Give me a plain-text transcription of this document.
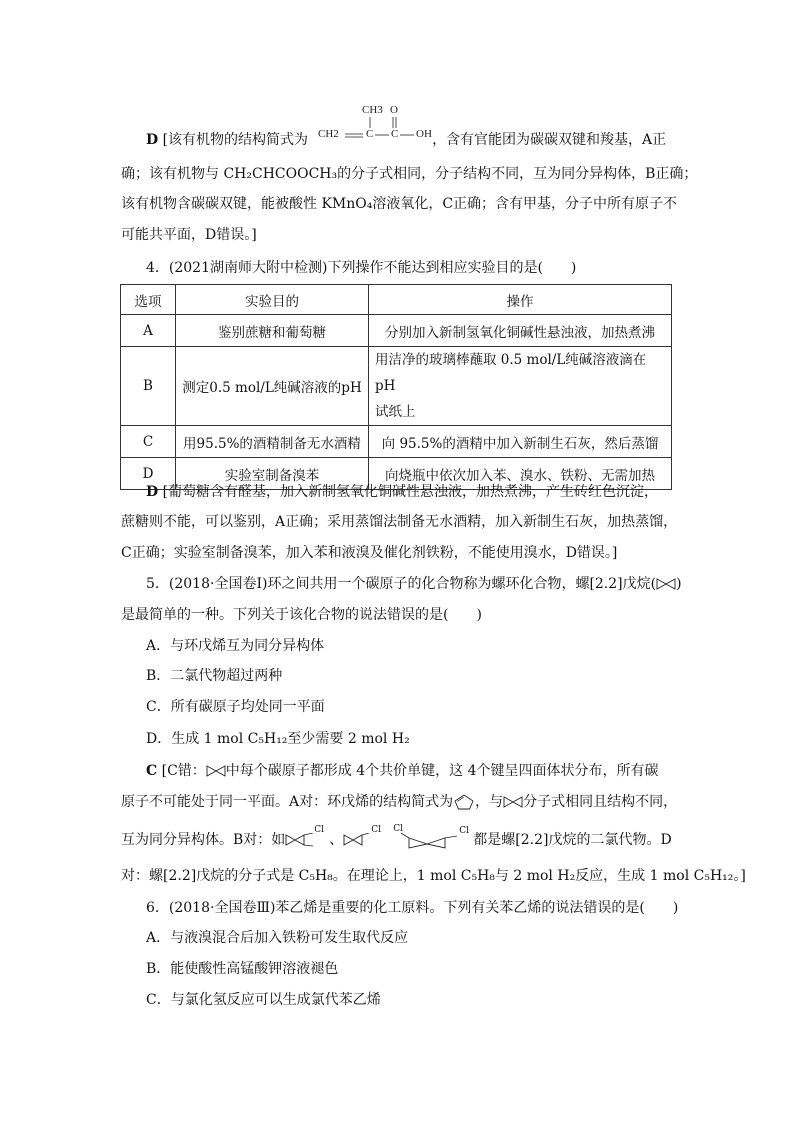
CH3 O
CH2 C C OH
D [该有机物的结构简式为	，含有官能团为碳碳双键和羧基，A正
确；该有机物与 CH₂CHCOOCH₃的分子式相同，分子结构不同，互为同分异构体，B正确；
该有机物含碳碳双键，能被酸性 KMnO₄溶液氧化，C正确；含有甲基，分子中所有原子不
可能共平面，D错误。]
4．(2021湖南师大附中检测)下列操作不能达到相应实验目的是(　　)
选项	实验目的	操作
A	鉴别蔗糖和葡萄糖	分别加入新制氢氧化铜碱性悬浊液，加热煮沸
B	测定0.5 mol/L纯碱溶液的pH	用洁净的玻璃棒蘸取 0.5 mol/L纯碱溶液滴在 pH
试纸上

C	用95.5%的酒精制备无水酒精	向 95.5%的酒精中加入新制生石灰，然后蒸馏
D	实验室制备溴苯	向烧瓶中依次加入苯、溴水、铁粉、无需加热
D [葡萄糖含有醛基，加入新制氢氧化铜碱性悬浊液，加热煮沸，产生砖红色沉淀，
蔗糖则不能，可以鉴别，A正确；采用蒸馏法制备无水酒精，加入新制生石灰，加热蒸馏，
C正确；实验室制备溴苯，加入苯和液溴及催化剂铁粉，不能使用溴水，D错误。]
5．(2018·全国卷Ⅰ)环之间共用一个碳原子的化合物称为螺环化合物，螺[2.2]戊烷( )
是最简单的一种。下列关于该化合物的说法错误的是(　　)
A．与环戊烯互为同分异构体
B．二氯代物超过两种
C．所有碳原子均处同一平面
D．生成 1 mol C₅H₁₂至少需要 2 mol H₂
C [C错： 中每个碳原子都形成 4个共价单键，这 4个键呈四面体状分布，所有碳
原子不可能处于同一平面。A对：环戊烯的结构简式为 ，与 分子式相同且结构不同，
互为同分异构体。B对：如
Cl
、
Cl Cl	Cl
都是螺[2.2]戊烷的二氯代物。D
对：螺[2.2]戊烷的分子式是 C₅H₈。在理论上，1 mol C₅H₈与 2 mol H₂反应，生成 1 mol C₅H₁₂。]
6．(2018·全国卷Ⅲ)苯乙烯是重要的化工原料。下列有关苯乙烯的说法错误的是(　　)
A．与液溴混合后加入铁粉可发生取代反应
B．能使酸性高锰酸钾溶液褪色
C．与氯化氢反应可以生成氯代苯乙烯
